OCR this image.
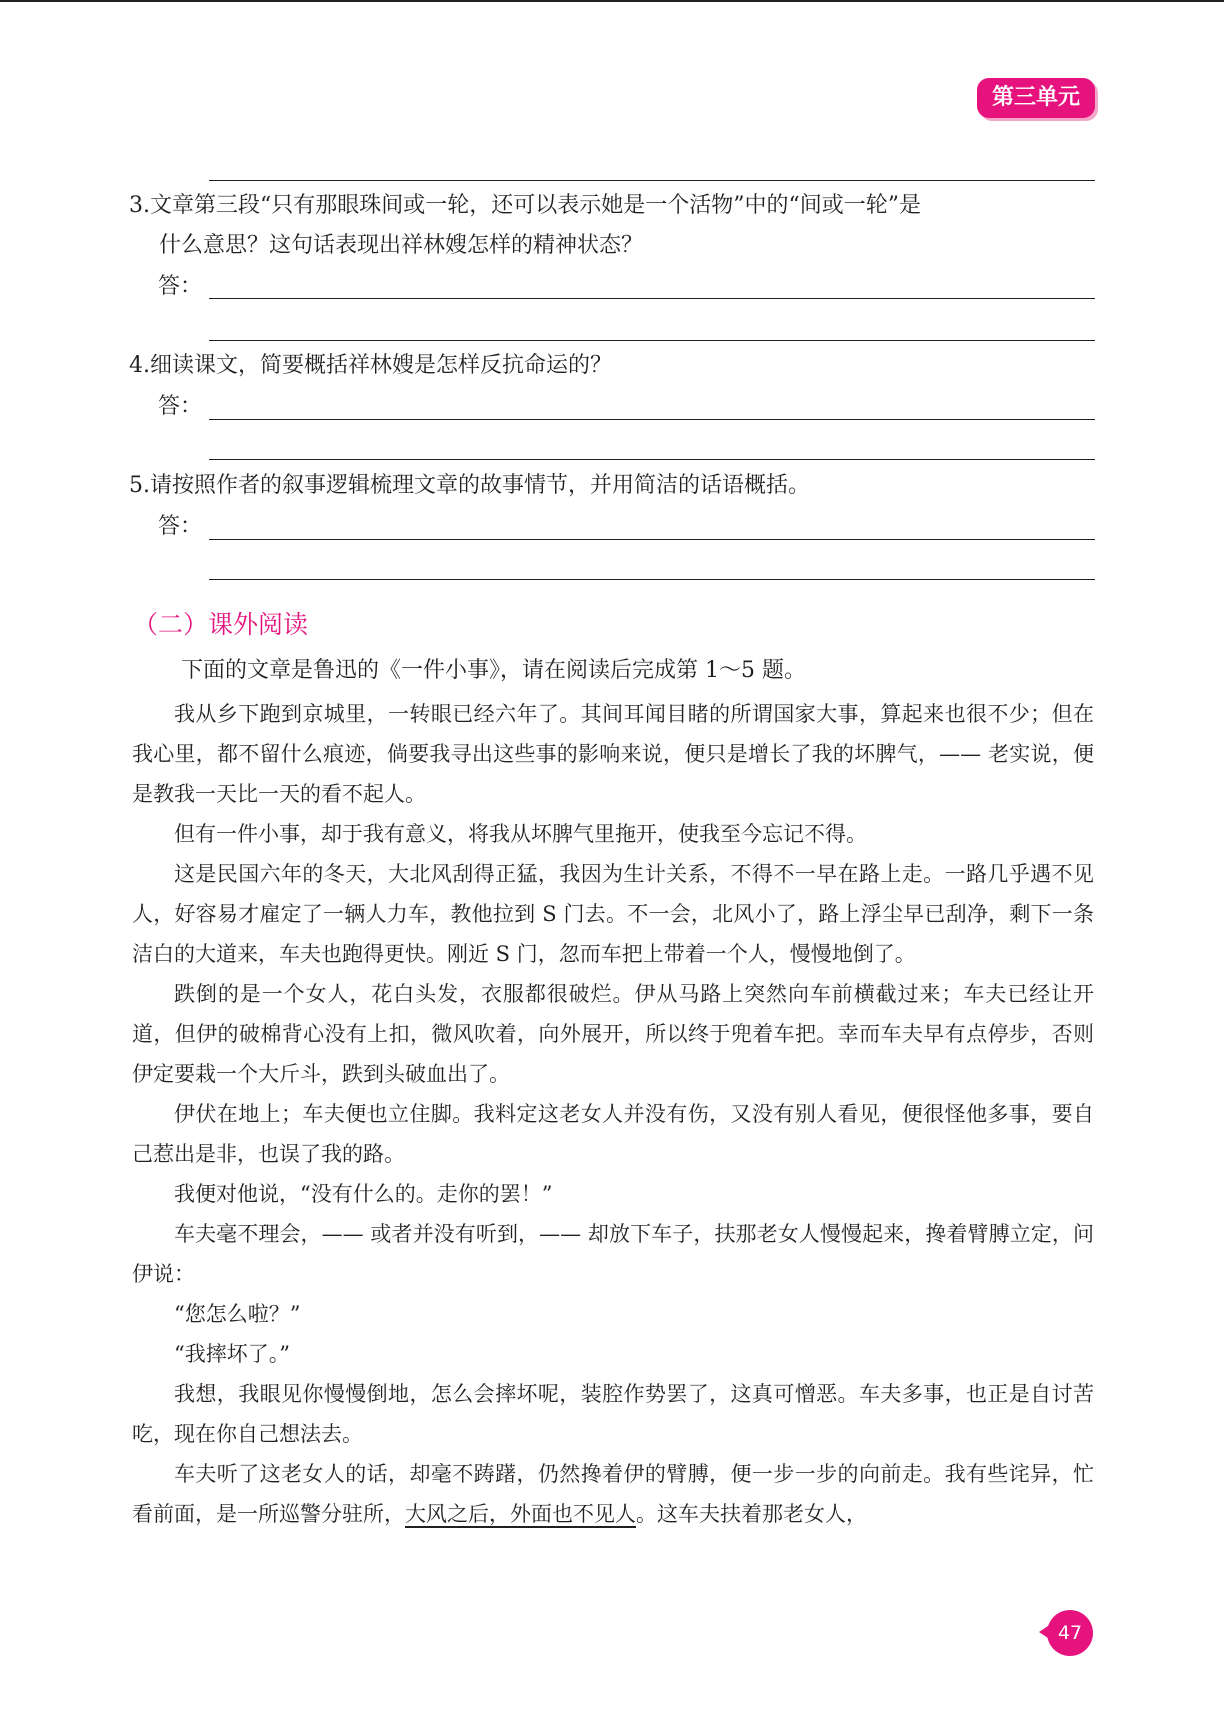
第三单元

3.文章第三段“只有那眼珠间或一轮，还可以表示她是一个活物”中的“间或一轮”是
什么意思？这句话表现出祥林嫂怎样的精神状态？

答：

4.细读课文，简要概括祥林嫂是怎样反抗命运的？

答：

5.请按照作者的叙事逻辑梳理文章的故事情节，并用简洁的话语概括。

答：
（二）课外阅读

下面的文章是鲁迅的《一件小事》，请在阅读后完成第 1～5 题。

我从乡下跑到京城里，一转眼已经六年了。其间耳闻目睹的所谓国家大事，算起来也很不少；但在我心里，都不留什么痕迹，倘要我寻出这些事的影响来说，便只是增长了我的坏脾气，—— 老实说，便是教我一天比一天的看不起人。

但有一件小事，却于我有意义，将我从坏脾气里拖开，使我至今忘记不得。

这是民国六年的冬天，大北风刮得正猛，我因为生计关系，不得不一早在路上走。一路几乎遇不见人，好容易才雇定了一辆人力车，教他拉到 S 门去。不一会，北风小了，路上浮尘早已刮净，剩下一条洁白的大道来，车夫也跑得更快。刚近 S 门，忽而车把上带着一个人，慢慢地倒了。

跌倒的是一个女人，花白头发，衣服都很破烂。伊从马路上突然向车前横截过来；车夫已经让开道，但伊的破棉背心没有上扣，微风吹着，向外展开，所以终于兜着车把。幸而车夫早有点停步，否则伊定要栽一个大斤斗，跌到头破血出了。

伊伏在地上；车夫便也立住脚。我料定这老女人并没有伤，又没有别人看见，便很怪他多事，要自己惹出是非，也误了我的路。

我便对他说，“没有什么的。走你的罢！”

车夫毫不理会，—— 或者并没有听到，—— 却放下车子，扶那老女人慢慢起来，搀着臂膊立定，问伊说：

“您怎么啦？”

“我摔坏了。”

我想，我眼见你慢慢倒地，怎么会摔坏呢，装腔作势罢了，这真可憎恶。车夫多事，也正是自讨苦吃，现在你自己想法去。

车夫听了这老女人的话，却毫不踌躇，仍然搀着伊的臂膊，便一步一步的向前走。我有些诧异，忙看前面，是一所巡警分驻所，大风之后，外面也不见人。这车夫扶着那老女人，

47
